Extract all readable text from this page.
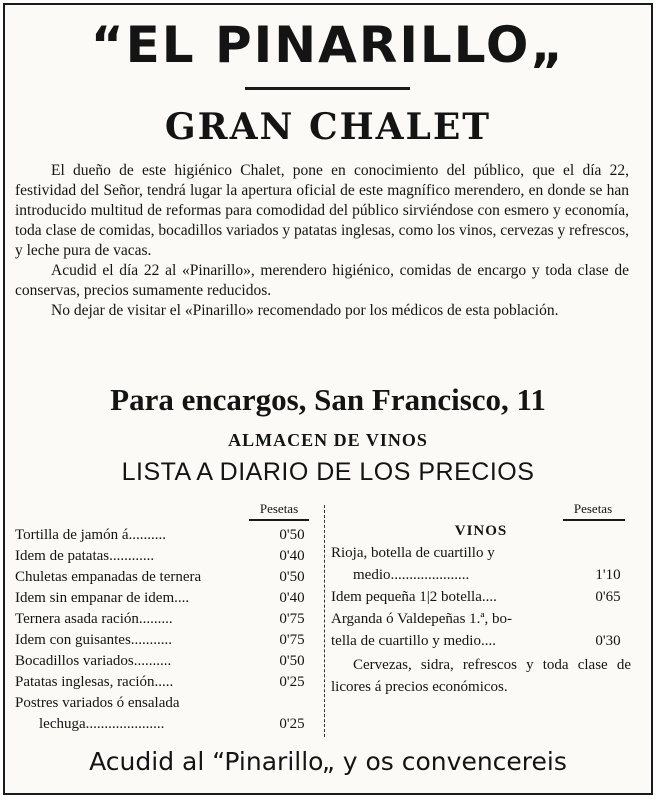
“EL PINARILLO„
GRAN CHALET

El dueño de este higiénico Chalet, pone en conocimiento del público, que el día 22, festividad del Señor, tendrá lugar la apertura oficial de este magnífico merendero, en donde se han introducido multitud de reformas para comodidad del público sirviéndose con esmero y economía, toda clase de comidas, bocadillos variados y patatas inglesas, como los vinos, cervezas y refrescos, y leche pura de vacas.

Acudid el día 22 al «Pinarillo», merendero higiénico, comidas de encargo y toda clase de conservas, precios sumamente reducidos.

No dejar de visitar el «Pinarillo» recomendado por los médicos de esta población.

Para encargos, San Francisco, 11
ALMACEN DE VINOS
LISTA A DIARIO DE LOS PRECIOS
Pesetas	Pesetas
Tortilla de jamón á..........	0'50
Idem de patatas............	0'40
Chuletas empanadas de ternera	0'50
Idem sin empanar de idem....	0'40
Ternera asada ración.........	0'75
Idem con guisantes...........	0'75
Bocadillos variados..........	0'50
Patatas inglesas, ración.....	0'25
Postres variados ó ensalada
lechuga.....................	0'25
VINOS
Rioja, botella de cuartillo y
medio.....................	1'10
Idem pequeña 1|2 botella....	0'65
Arganda ó Valdepeñas 1.ª, bo-
tella de cuartillo y medio....	0'30
Cervezas, sidra, refrescos y toda clase de licores á precios económicos.
Acudid al “Pinarillo„ y os convencereis
